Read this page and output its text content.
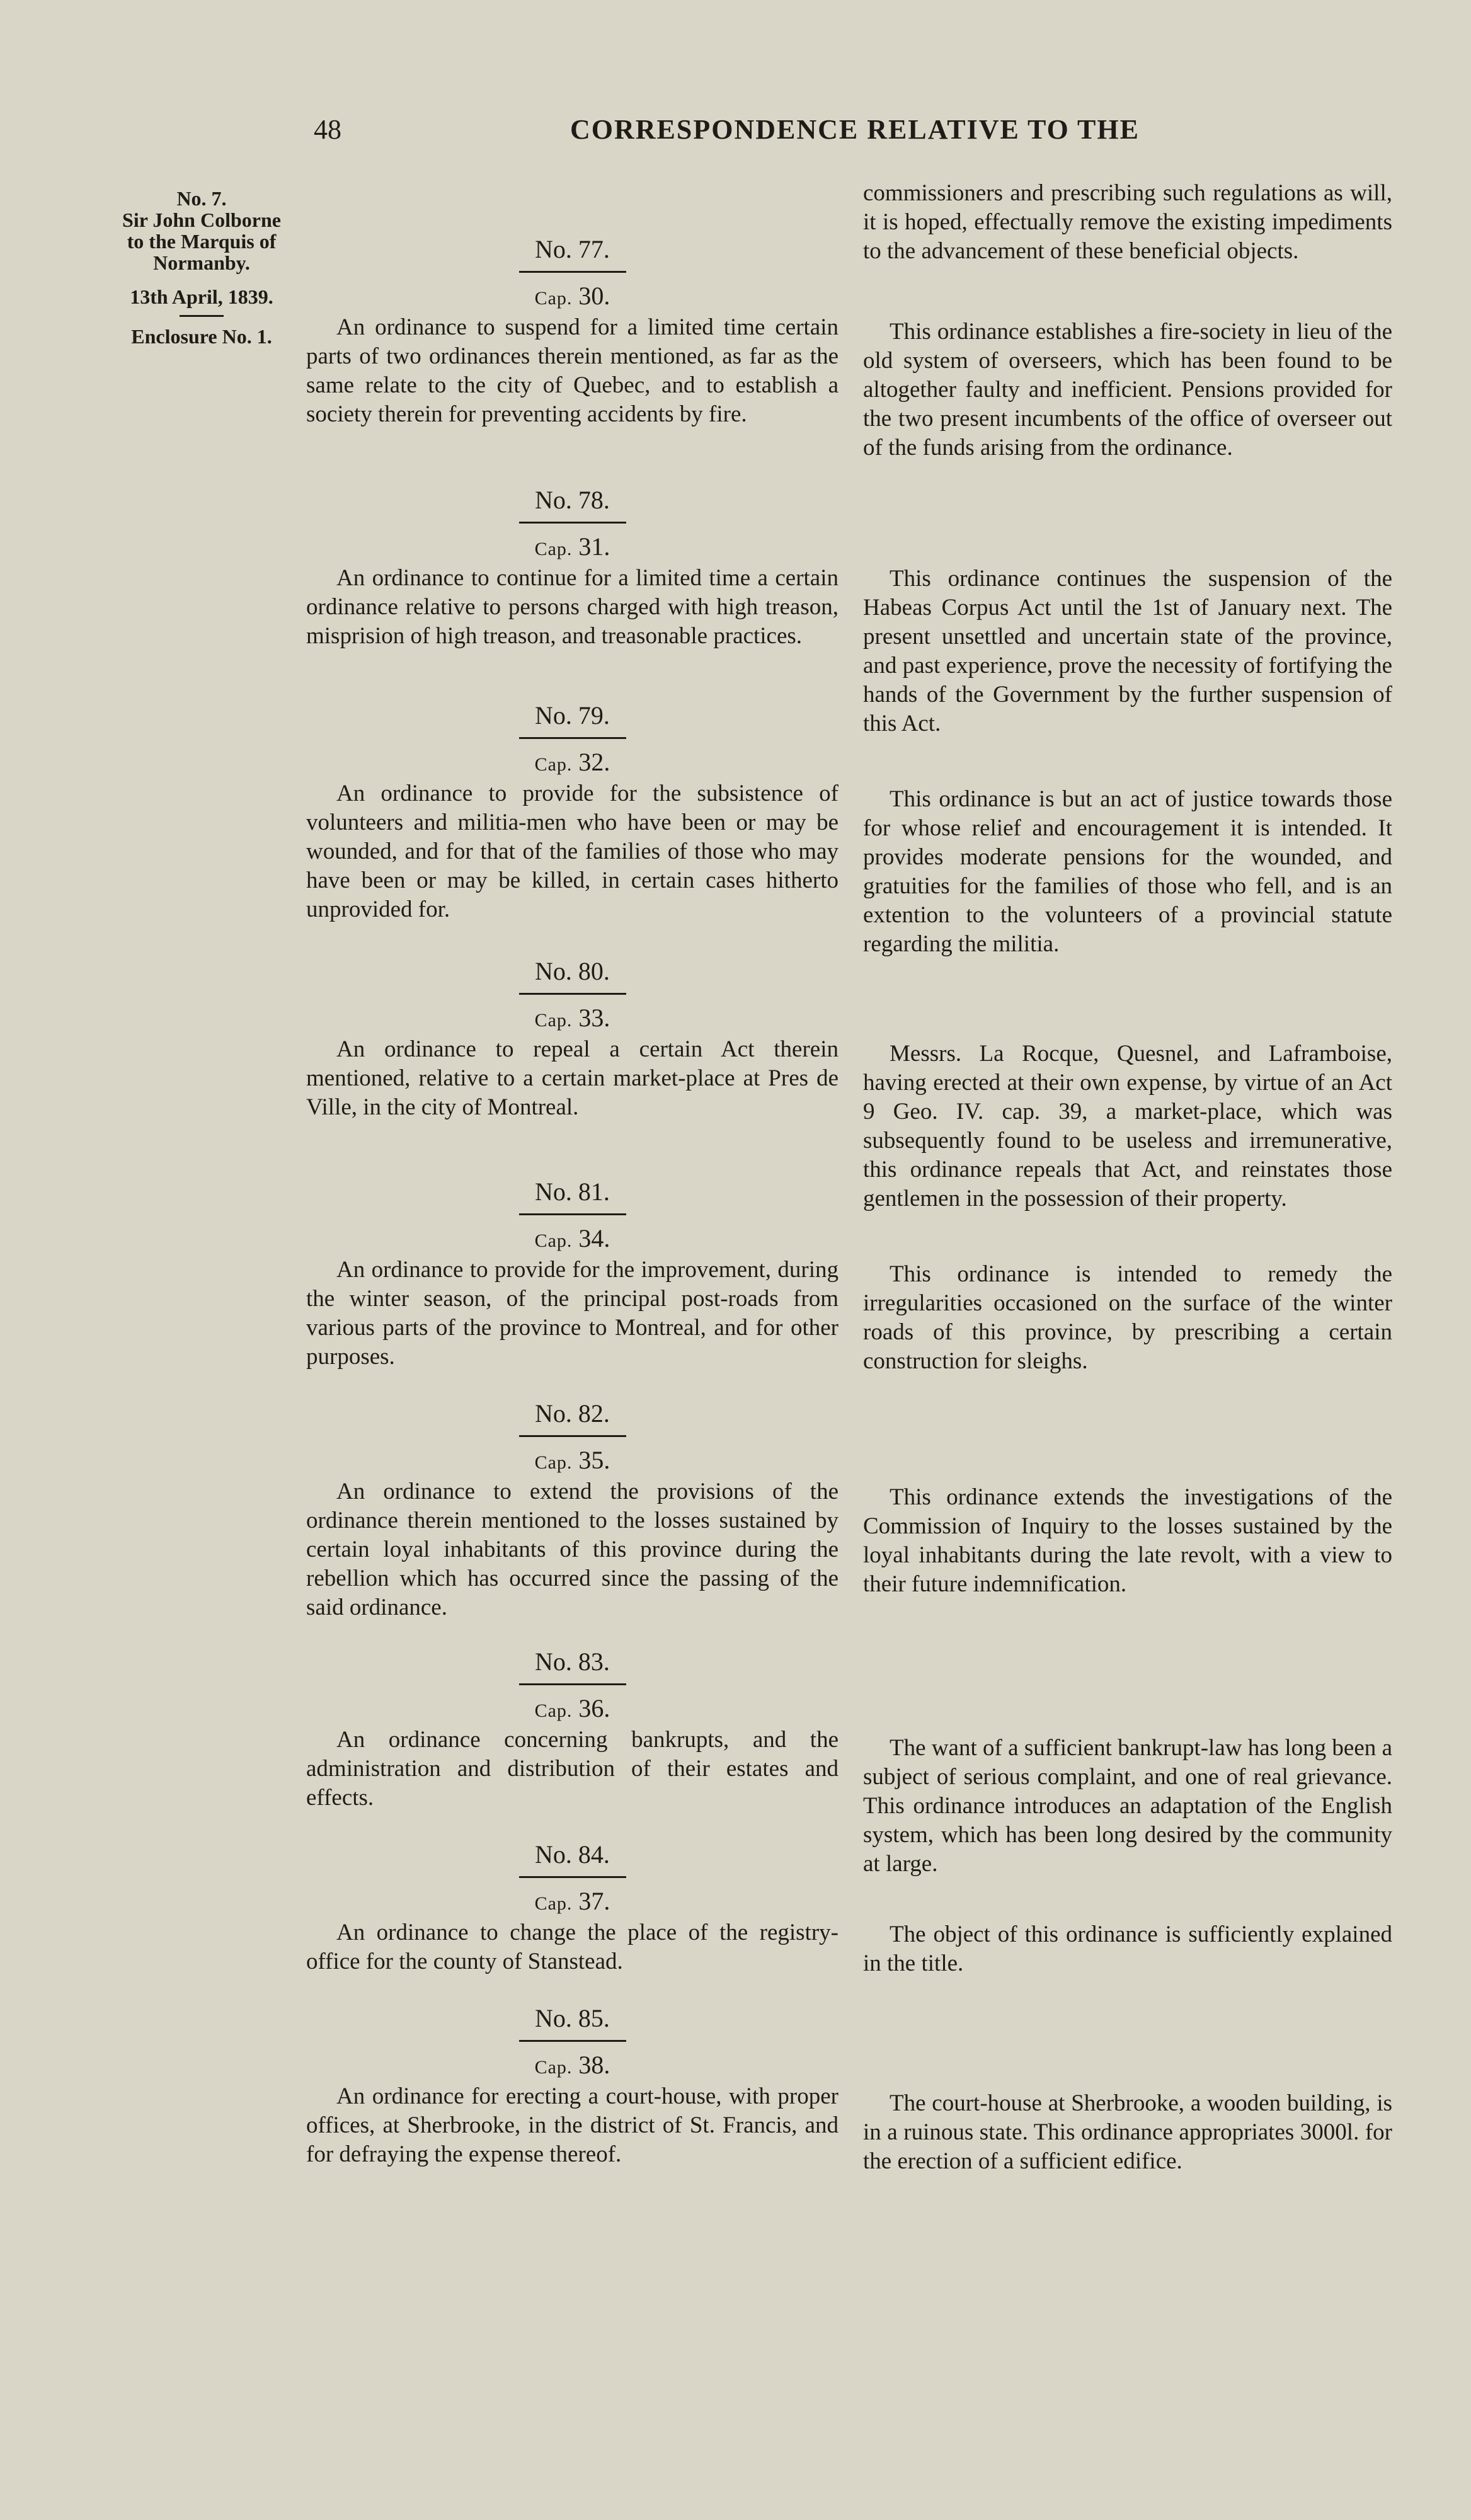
48	CORRESPONDENCE RELATIVE TO THE
No. 7.
Sir John Colborne
to the Marquis of
Normanby.
13th April, 1839.
Enclosure No. 1.
No. 77.
Cap. 30.

An ordinance to suspend for a limited time certain parts of two ordinances therein mentioned, as far as the same relate to the city of Quebec, and to establish a society therein for preventing accidents by fire.

No. 78.
Cap. 31.

An ordinance to continue for a limited time a certain ordinance relative to persons charged with high treason, misprision of high treason, and treasonable practices.

No. 79.
Cap. 32.

An ordinance to provide for the subsistence of volunteers and militia-men who have been or may be wounded, and for that of the families of those who may have been or may be killed, in certain cases hitherto unprovided for.

No. 80.
Cap. 33.

An ordinance to repeal a certain Act therein mentioned, relative to a certain market-place at Pres de Ville, in the city of Montreal.

No. 81.
Cap. 34.

An ordinance to provide for the improvement, during the winter season, of the principal post-roads from various parts of the province to Montreal, and for other purposes.

No. 82.
Cap. 35.

An ordinance to extend the provisions of the ordinance therein mentioned to the losses sustained by certain loyal inhabitants of this province during the rebellion which has occurred since the passing of the said ordinance.

No. 83.
Cap. 36.

An ordinance concerning bankrupts, and the administration and distribution of their estates and effects.

No. 84.
Cap. 37.

An ordinance to change the place of the registry-office for the county of Stanstead.

No. 85.
Cap. 38.

An ordinance for erecting a court-house, with proper offices, at Sherbrooke, in the district of St. Francis, and for defraying the expense thereof.

commissioners and prescribing such regulations as will, it is hoped, effectually remove the existing impediments to the advancement of these beneficial objects.

This ordinance establishes a fire-society in lieu of the old system of overseers, which has been found to be altogether faulty and inefficient. Pensions provided for the two present incumbents of the office of overseer out of the funds arising from the ordinance.

This ordinance continues the suspension of the Habeas Corpus Act until the 1st of January next. The present unsettled and uncertain state of the province, and past experience, prove the necessity of fortifying the hands of the Government by the further suspension of this Act.

This ordinance is but an act of justice towards those for whose relief and encouragement it is intended. It provides moderate pensions for the wounded, and gratuities for the families of those who fell, and is an extention to the volunteers of a provincial statute regarding the militia.

Messrs. La Rocque, Quesnel, and Laframboise, having erected at their own expense, by virtue of an Act 9 Geo. IV. cap. 39, a market-place, which was subsequently found to be useless and irremunerative, this ordinance repeals that Act, and reinstates those gentlemen in the possession of their property.

This ordinance is intended to remedy the irregularities occasioned on the surface of the winter roads of this province, by prescribing a certain construction for sleighs.

This ordinance extends the investigations of the Commission of Inquiry to the losses sustained by the loyal inhabitants during the late revolt, with a view to their future indemnification.

The want of a sufficient bankrupt-law has long been a subject of serious complaint, and one of real grievance. This ordinance introduces an adaptation of the English system, which has been long desired by the community at large.

The object of this ordinance is sufficiently explained in the title.

The court-house at Sherbrooke, a wooden building, is in a ruinous state. This ordinance appropriates 3000l. for the erection of a sufficient edifice.
